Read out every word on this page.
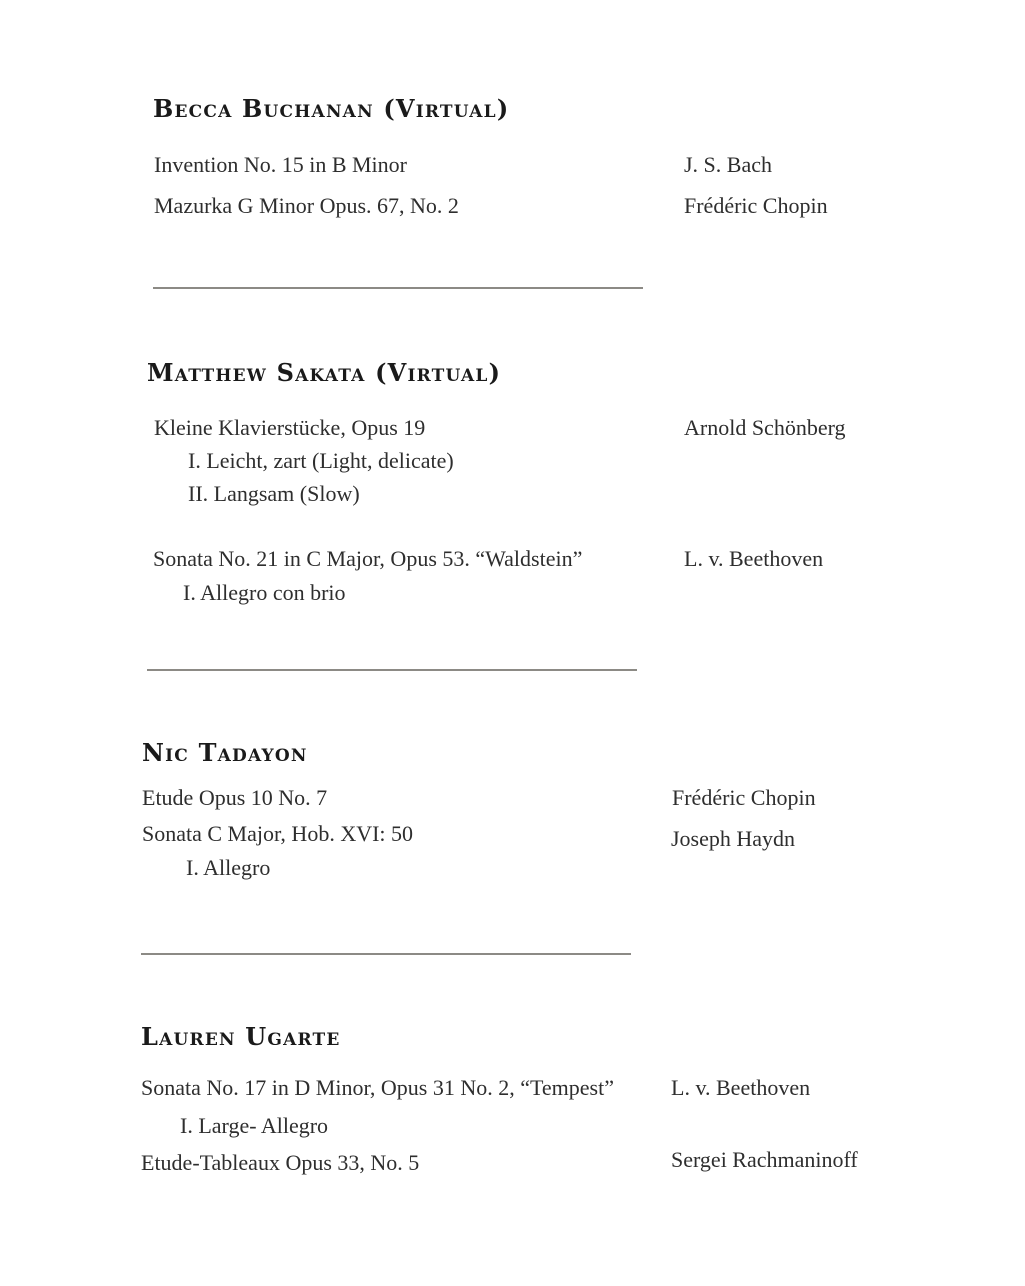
Becca Buchanan (Virtual)
Invention No. 15 in B Minor	J. S. Bach
Mazurka G Minor Opus. 67, No. 2	Frédéric Chopin
Matthew Sakata (Virtual)
Kleine Klavierstücke, Opus 19	Arnold Schönberg
I. Leicht, zart (Light, delicate)
II. Langsam (Slow)
Sonata No. 21 in C Major, Opus 53. “Waldstein”	L. v. Beethoven
I. Allegro con brio
Nic Tadayon
Etude Opus 10 No. 7	Frédéric Chopin
Sonata C Major, Hob. XVI: 50	Joseph Haydn
I. Allegro
Lauren Ugarte
Sonata No. 17 in D Minor, Opus 31 No. 2, “Tempest”	L. v. Beethoven
I. Large- Allegro
Etude-Tableaux Opus 33, No. 5	Sergei Rachmaninoff
